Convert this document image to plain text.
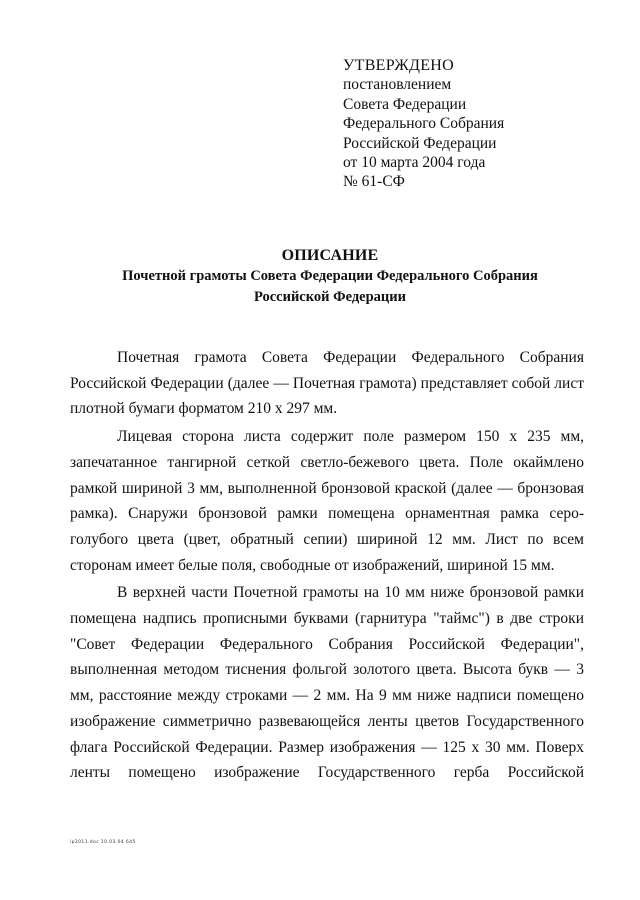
УТВЕРЖДЕНО
постановлением
Совета Федерации
Федерального Собрания
Российской Федерации
от 10 марта 2004 года
№ 61-СФ
ОПИСАНИЕ
Почетной грамоты Совета Федерации Федерального Собрания
Российской Федерации

Почетная грамота Совета Федерации Федерального Собрания Российской Федерации (далее — Почетная грамота) представляет собой лист плотной бумаги форматом 210 х 297 мм.

Лицевая сторона листа содержит поле размером 150 х 235 мм, запечатанное тангирной сеткой светло-бежевого цвета. Поле окаймлено рамкой шириной 3 мм, выполненной бронзовой краской (далее — бронзовая рамка). Снаружи бронзовой рамки помещена орнаментная рамка серо-голубого цвета (цвет, обратный сепии) шириной 12 мм. Лист по всем сторонам имеет белые поля, свободные от изображений, шириной 15 мм.

В верхней части Почетной грамоты на 10 мм ниже бронзовой рамки помещена надпись прописными буквами (гарнитура "таймс") в две строки "Совет Федерации Федерального Собрания Российской Федерации", выполненная методом тиснения фольгой золотого цвета. Высота букв — 3 мм, расстояние между строками — 2 мм. На 9 мм ниже надписи помещено изображение симметрично развевающейся ленты цветов Государственного флага Российской Федерации. Размер изображения — 125 х 30 мм. Поверх ленты помещено изображение Государственного герба Российской

ip2011.doc 10.03.04 645
